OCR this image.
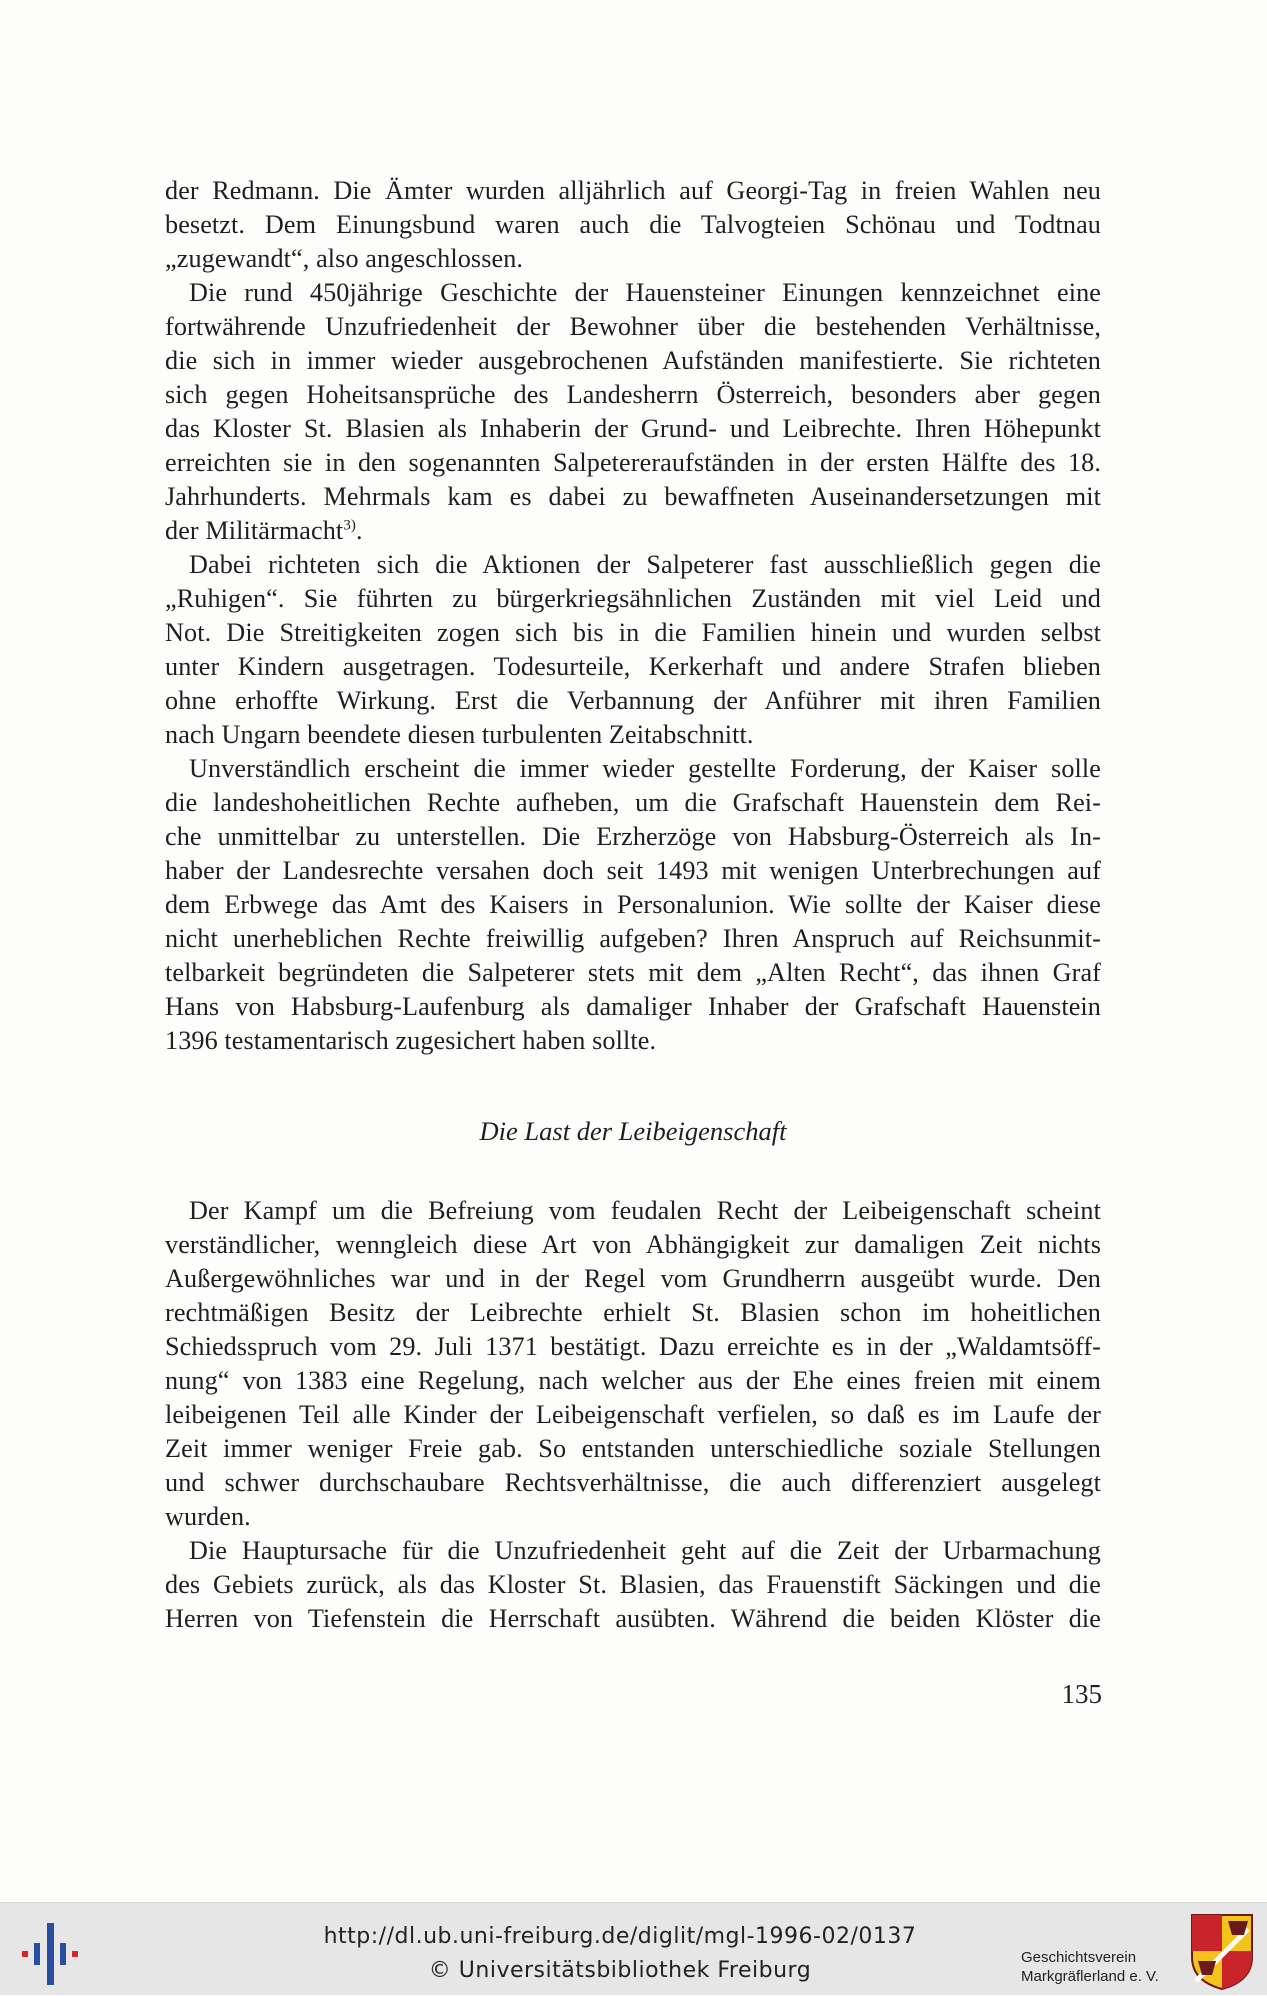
der Redmann. Die Ämter wurden alljährlich auf Georgi-Tag in freien Wahlen neu
besetzt. Dem Einungsbund waren auch die Talvogteien Schönau und Todtnau
„zugewandt“, also angeschlossen.
Die rund 450jährige Geschichte der Hauensteiner Einungen kennzeichnet eine
fortwährende Unzufriedenheit der Bewohner über die bestehenden Verhältnisse,
die sich in immer wieder ausgebrochenen Aufständen manifestierte. Sie richteten
sich gegen Hoheitsansprüche des Landesherrn Österreich, besonders aber gegen
das Kloster St. Blasien als Inhaberin der Grund- und Leibrechte. Ihren Höhepunkt
erreichten sie in den sogenannten Salpetereraufständen in der ersten Hälfte des 18.
Jahrhunderts. Mehrmals kam es dabei zu bewaffneten Auseinandersetzungen mit
der Militärmacht$^{3)}$.
Dabei richteten sich die Aktionen der Salpeterer fast ausschließlich gegen die
„Ruhigen“. Sie führten zu bürgerkriegsähnlichen Zuständen mit viel Leid und
Not. Die Streitigkeiten zogen sich bis in die Familien hinein und wurden selbst
unter Kindern ausgetragen. Todesurteile, Kerkerhaft und andere Strafen blieben
ohne erhoffte Wirkung. Erst die Verbannung der Anführer mit ihren Familien
nach Ungarn beendete diesen turbulenten Zeitabschnitt.
Unverständlich erscheint die immer wieder gestellte Forderung, der Kaiser solle
die landeshoheitlichen Rechte aufheben, um die Grafschaft Hauenstein dem Rei-
che unmittelbar zu unterstellen. Die Erzherzöge von Habsburg-Österreich als In-
haber der Landesrechte versahen doch seit 1493 mit wenigen Unterbrechungen auf
dem Erbwege das Amt des Kaisers in Personalunion. Wie sollte der Kaiser diese
nicht unerheblichen Rechte freiwillig aufgeben? Ihren Anspruch auf Reichsunmit-
telbarkeit begründeten die Salpeterer stets mit dem „Alten Recht“, das ihnen Graf
Hans von Habsburg-Laufenburg als damaliger Inhaber der Grafschaft Hauenstein
1396 testamentarisch zugesichert haben sollte.
Die Last der Leibeigenschaft
Der Kampf um die Befreiung vom feudalen Recht der Leibeigenschaft scheint
verständlicher, wenngleich diese Art von Abhängigkeit zur damaligen Zeit nichts
Außergewöhnliches war und in der Regel vom Grundherrn ausgeübt wurde. Den
rechtmäßigen Besitz der Leibrechte erhielt St. Blasien schon im hoheitlichen
Schiedsspruch vom 29. Juli 1371 bestätigt. Dazu erreichte es in der „Waldamtsöff-
nung“ von 1383 eine Regelung, nach welcher aus der Ehe eines freien mit einem
leibeigenen Teil alle Kinder der Leibeigenschaft verfielen, so daß es im Laufe der
Zeit immer weniger Freie gab. So entstanden unterschiedliche soziale Stellungen
und schwer durchschaubare Rechtsverhältnisse, die auch differenziert ausgelegt
wurden.
Die Hauptursache für die Unzufriedenheit geht auf die Zeit der Urbarmachung
des Gebiets zurück, als das Kloster St. Blasien, das Frauenstift Säckingen und die
Herren von Tiefenstein die Herrschaft ausübten. Während die beiden Klöster die
135
http://dl.ub.uni-freiburg.de/diglit/mgl-1996-02/0137
© Universitätsbibliothek Freiburg
Geschichtsverein
Markgräflerland e. V.
